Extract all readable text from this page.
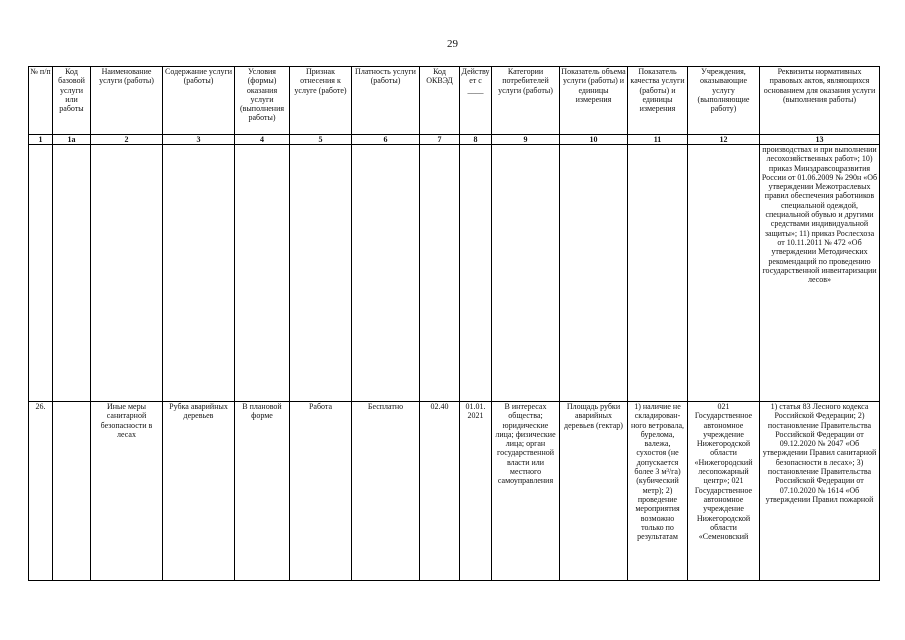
29
№ п/п	Код базовой услуги или работы	Наименование услуги (работы)	Содержание услуги (работы)	Условия (формы) оказания услуги (выполнения работы)	Признак отнесения к услуге (работе)	Платность услуги (работы)	Код ОКВЭД	Действует с ____	Категории потребителей услуги (работы)	Показатель объема услуги (работы) и единицы измерения	Показатель качества услуги (работы) и единицы измерения	Учреждения, оказывающие услугу (выполняющие работу)	Реквизиты нормативных правовых актов, являющихся основанием для оказания услуги (выполнения работы)
1	1а	2	3	4	5	6	7	8	9	10	11	12	13
													производствах и при выполнении лесохозяйственных работ»; 10) приказ Минздравсоцразвития России от 01.06.2009 № 290н «Об утверждении Межотраслевых правил обеспечения работников специальной одеждой, специальной обувью и другими средствами индивидуальной защиты»; 11) приказ Рослесхоза от 10.11.2011 № 472 «Об утверждении Методических рекомендаций по проведению государственной инвентаризации лесов»
26.		Иные меры санитарной безопасности в лесах	Рубка аварийных деревьев	В плановой форме	Работа	Бесплатно	02.40	01.01. 2021	В интересах общества; юридические лица; физические лица; орган государственной власти или местного самоуправления	Площадь рубки аварийных деревьев (гектар)	1) наличие не складирован-ного ветровала, бурелома, валежа, сухостоя (не допускается более 3 м³/га) (кубический метр); 2) проведение мероприятия возможно только по результатам	021 Государственное автономное учреждение Нижегородской области «Нижегородский лесопожарный центр»; 021 Государственное автономное учреждение Нижегородской области «Семеновский	1) статья 83 Лесного кодекса Российской Федерации; 2) постановление Правительства Российской Федерации от 09.12.2020 № 2047 «Об утверждении Правил санитарной безопасности в лесах»; 3) постановление Правительства Российской Федерации от 07.10.2020 № 1614 «Об утверждении Правил пожарной
